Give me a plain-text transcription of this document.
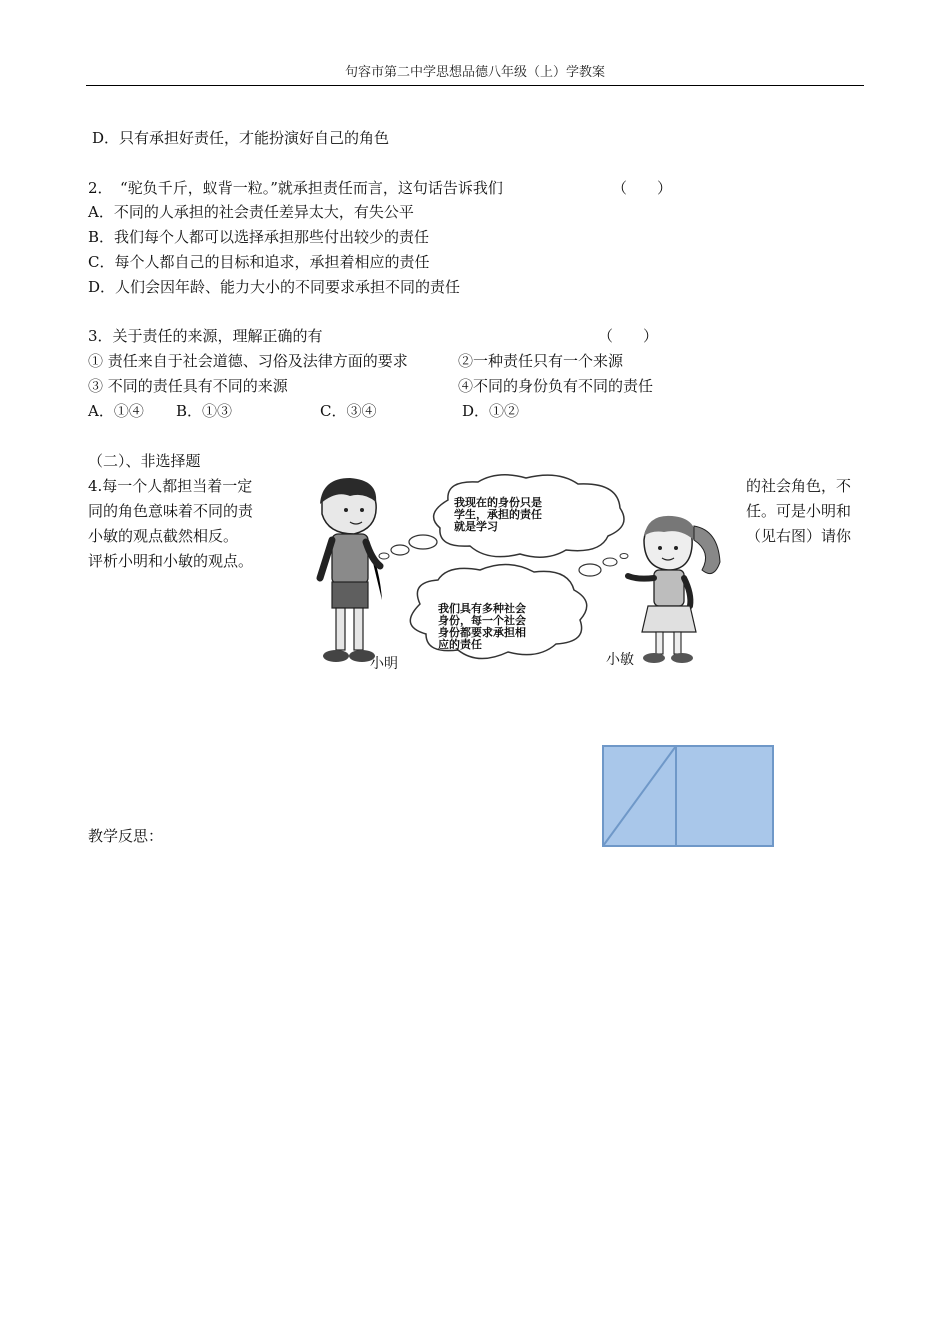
句容市第二中学思想品德八年级（上）学教案
D．只有承担好责任，才能扮演好自己的角色
2．　“驼负千斤，蚁背一粒。”就承担责任而言，这句话告诉我们	（　　）
A．不同的人承担的社会责任差异太大，有失公平
B．我们每个人都可以选择承担那些付出较少的责任
C．每个人都自己的目标和追求，承担着相应的责任
D．人们会因年龄、能力大小的不同要求承担不同的责任
3．关于责任的来源，理解正确的有	（　　）
① 责任来自于社会道德、习俗及法律方面的要求	②一种责任只有一个来源
③ 不同的责任具有不同的来源	④不同的身份负有不同的责任
A．①④ B．①③	C．③④	D．①②
（二）、非选择题
4.每一个人都担当着一定
同的角色意味着不同的责
小敏的观点截然相反。
评析小明和小敏的观点。
的社会角色，不
任。可是小明和
（见右图）请你
我现在的身份只是
学生，承担的责任
就是学习
我们具有多种社会
身份，每一个社会
身份都要求承担相
应的责任
小明	小敏
教学反思：
